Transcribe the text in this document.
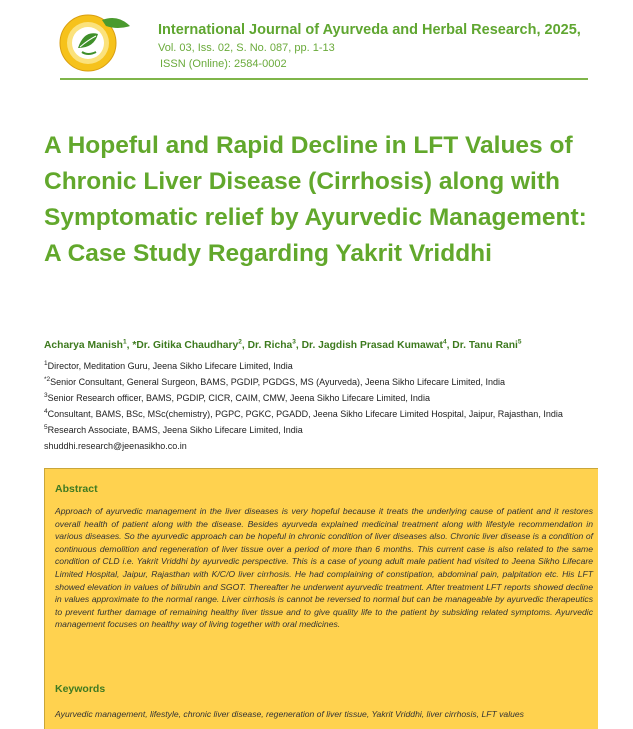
International Journal of Ayurveda and Herbal Research, 2025,
Vol. 03, Iss. 02, S. No. 087, pp. 1-13
ISSN (Online): 2584-0002
A Hopeful and Rapid Decline in LFT Values of Chronic Liver Disease (Cirrhosis) along with Symptomatic relief by Ayurvedic Management: A Case Study Regarding Yakrit Vriddhi
Acharya Manish$^1$, *Dr. Gitika Chaudhary$^2$, Dr. Richa$^3$, Dr. Jagdish Prasad Kumawat$^4$, Dr. Tanu Rani$^5$
$^1$Director, Meditation Guru, Jeena Sikho Lifecare Limited, India
$^{*2}$Senior Consultant, General Surgeon, BAMS, PGDIP, PGDGS, MS (Ayurveda), Jeena Sikho Lifecare Limited, India
$^3$Senior Research officer, BAMS, PGDIP, CICR, CAIM, CMW, Jeena Sikho Lifecare Limited, India
$^4$Consultant, BAMS, BSc, MSc(chemistry), PGPC, PGKC, PGADD, Jeena Sikho Lifecare Limited Hospital, Jaipur, Rajasthan, India
$^5$Research Associate, BAMS, Jeena Sikho Lifecare Limited, India
shuddhi.research@jeenasikho.co.in
Abstract

Approach of ayurvedic management in the liver diseases is very hopeful because it treats the underlying cause of patient and it restores overall health of patient along with the disease. Besides ayurveda explained medicinal treatment along with lifestyle recommendation in various diseases. So the ayurvedic approach can be hopeful in chronic condition of liver diseases also. Chronic liver disease is a condition of continuous demolition and regeneration of liver tissue over a period of more than 6 months. This current case is also related to the same condition of CLD i.e. Yakrit Vriddhi by ayurvedic perspective. This is a case of young adult male patient had visited to Jeena Sikho Lifecare Limited Hospital, Jaipur, Rajasthan with K/C/O liver cirrhosis. He had complaining of constipation, abdominal pain, palpitation etc. His LFT showed elevation in values of bilirubin and SGOT. Thereafter he underwent ayurvedic treatment. After treatment LFT reports showed decline in values approximate to the normal range. Liver cirrhosis is cannot be reversed to normal but can be manageable by ayurvedic therapeutics to prevent further damage of remaining healthy liver tissue and to give quality life to the patient by subsiding related symptoms. Ayurvedic management focuses on healthy way of living together with oral medicines.

Keywords
Ayurvedic management, lifestyle, chronic liver disease, regeneration of liver tissue, Yakrit Vriddhi, liver cirrhosis, LFT values
